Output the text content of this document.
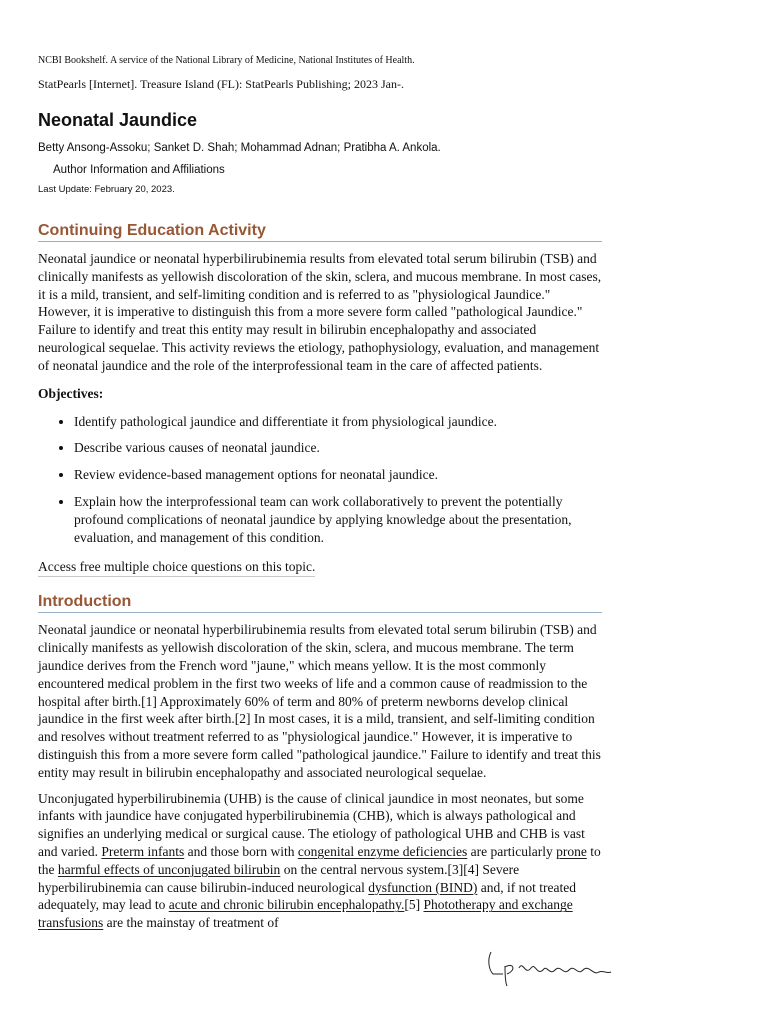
NCBI Bookshelf. A service of the National Library of Medicine, National Institutes of Health.

StatPearls [Internet]. Treasure Island (FL): StatPearls Publishing; 2023 Jan-.

Neonatal Jaundice

Betty Ansong-Assoku; Sanket D. Shah; Mohammad Adnan; Pratibha A. Ankola.

Author Information and Affiliations

Last Update: February 20, 2023.

Continuing Education Activity

Neonatal jaundice or neonatal hyperbilirubinemia results from elevated total serum bilirubin (TSB) and clinically manifests as yellowish discoloration of the skin, sclera, and mucous membrane. In most cases, it is a mild, transient, and self-limiting condition and is referred to as "physiological Jaundice." However, it is imperative to distinguish this from a more severe form called "pathological Jaundice." Failure to identify and treat this entity may result in bilirubin encephalopathy and associated neurological sequelae. This activity reviews the etiology, pathophysiology, evaluation, and management of neonatal jaundice and the role of the interprofessional team in the care of affected patients.

Objectives:

• Identify pathological jaundice and differentiate it from physiological jaundice.
• Describe various causes of neonatal jaundice.
• Review evidence-based management options for neonatal jaundice.
• Explain how the interprofessional team can work collaboratively to prevent the potentially profound complications of neonatal jaundice by applying knowledge about the presentation, evaluation, and management of this condition.
Access free multiple choice questions on this topic.
Introduction

Neonatal jaundice or neonatal hyperbilirubinemia results from elevated total serum bilirubin (TSB) and clinically manifests as yellowish discoloration of the skin, sclera, and mucous membrane. The term jaundice derives from the French word "jaune," which means yellow. It is the most commonly encountered medical problem in the first two weeks of life and a common cause of readmission to the hospital after birth.[1] Approximately 60% of term and 80% of preterm newborns develop clinical jaundice in the first week after birth.[2] In most cases, it is a mild, transient, and self-limiting condition and resolves without treatment referred to as "physiological jaundice." However, it is imperative to distinguish this from a more severe form called "pathological jaundice." Failure to identify and treat this entity may result in bilirubin encephalopathy and associated neurological sequelae.

Unconjugated hyperbilirubinemia (UHB) is the cause of clinical jaundice in most neonates, but some infants with jaundice have conjugated hyperbilirubinemia (CHB), which is always pathological and signifies an underlying medical or surgical cause. The etiology of pathological UHB and CHB is vast and varied. Preterm infants and those born with congenital enzyme deficiencies are particularly prone to the harmful effects of unconjugated bilirubin on the central nervous system.[3][4] Severe hyperbilirubinemia can cause bilirubin-induced neurological dysfunction (BIND) and, if not treated adequately, may lead to acute and chronic bilirubin encephalopathy.[5] Phototherapy and exchange transfusions are the mainstay of treatment of
